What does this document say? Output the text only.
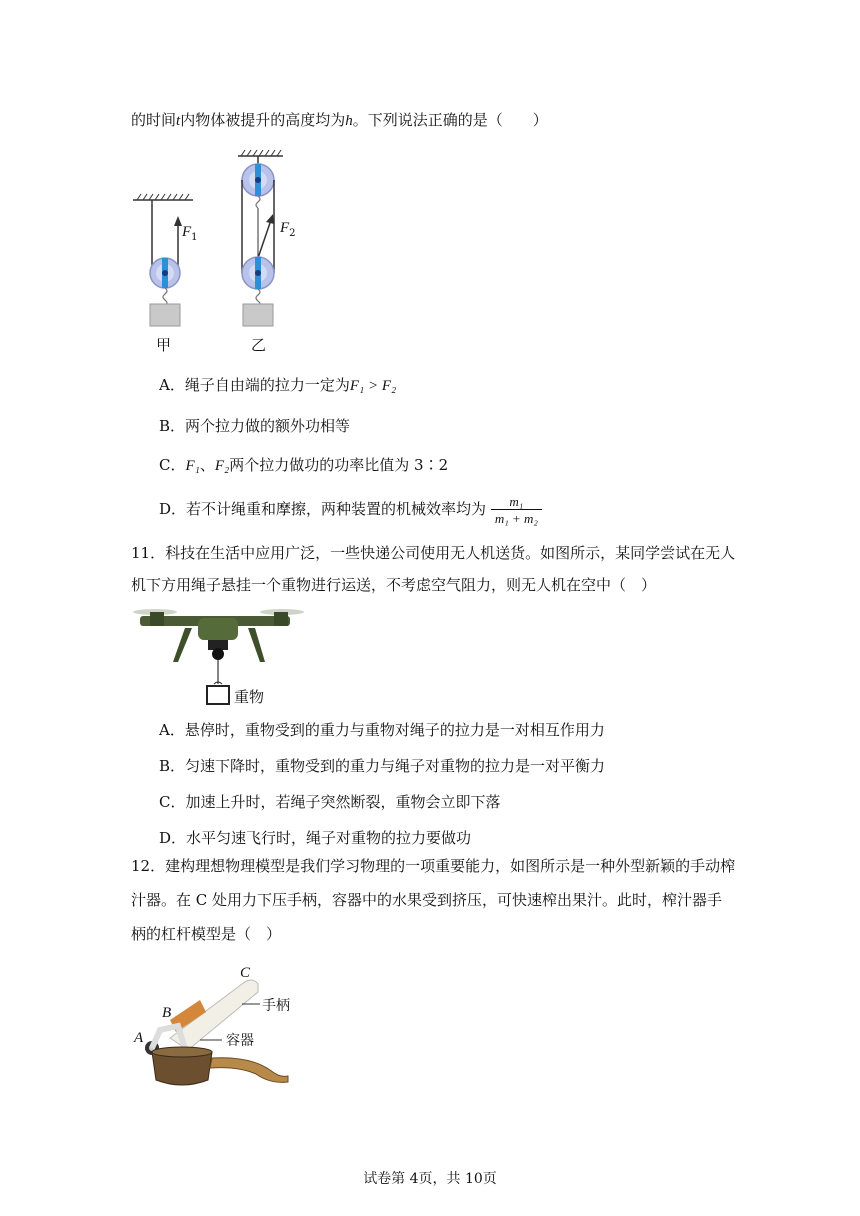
的时间t内物体被提升的高度均为h。下列说法正确的是（　　）
$F_1$
$F_2$
甲	乙
A．绳子自由端的拉力一定为F₁ > F₂
B．两个拉力做的额外功相等
C．F₁、F₂两个拉力做功的功率比值为 3∶2
D．若不计绳重和摩擦，两种装置的机械效率均为 $\frac{\text{m₁}}{\text{m₁ + m₂}}$
11．科技在生活中应用广泛，一些快递公司使用无人机送货。如图所示，某同学尝试在无人
机下方用绳子悬挂一个重物进行运送，不考虑空气阻力，则无人机在空中（　）
重物
A．悬停时，重物受到的重力与重物对绳子的拉力是一对相互作用力
B．匀速下降时，重物受到的重力与绳子对重物的拉力是一对平衡力
C．加速上升时，若绳子突然断裂，重物会立即下落
D．水平匀速飞行时，绳子对重物的拉力要做功
12．建构理想物理模型是我们学习物理的一项重要能力，如图所示是一种外型新颖的手动榨
汁器。在 C 处用力下压手柄，容器中的水果受到挤压，可快速榨出果汁。此时，榨汁器手
柄的杠杆模型是（　）
C
B
A
手柄
容器
试卷第 4页，共 10页
